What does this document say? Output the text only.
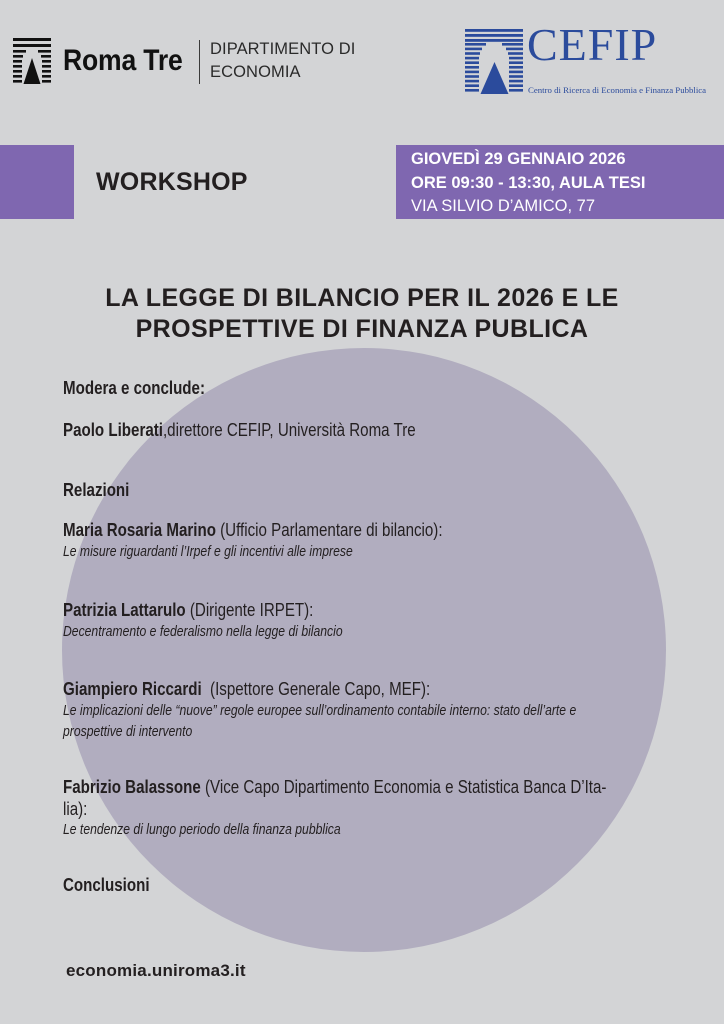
Roma Tre DIPARTIMENTO DI
ECONOMIA
CEFIP
Centro di Ricerca di Economia e Finanza Pubblica
WORKSHOP
GIOVEDÌ 29 GENNAIO 2026
ORE 09:30 - 13:30, AULA TESI
VIA SILVIO D’AMICO, 77
LA LEGGE DI BILANCIO PER IL 2026 E LE
PROSPETTIVE DI FINANZA PUBLICA
Modera e conclude:
Paolo Liberati,direttore CEFIP, Università Roma Tre
Relazioni
Maria Rosaria Marino (Ufficio Parlamentare di bilancio):
Le misure riguardanti l’Irpef e gli incentivi alle imprese
Patrizia Lattarulo (Dirigente IRPET):
Decentramento e federalismo nella legge di bilancio
Giampiero Riccardi  (Ispettore Generale Capo, MEF):
Le implicazioni delle “nuove” regole europee sull’ordinamento contabile interno: stato dell’arte e
prospettive di intervento
Fabrizio Balassone (Vice Capo Dipartimento Economia e Statistica Banca D’Ita-
lia):
Le tendenze di lungo periodo della finanza pubblica
Conclusioni
economia.uniroma3.it
